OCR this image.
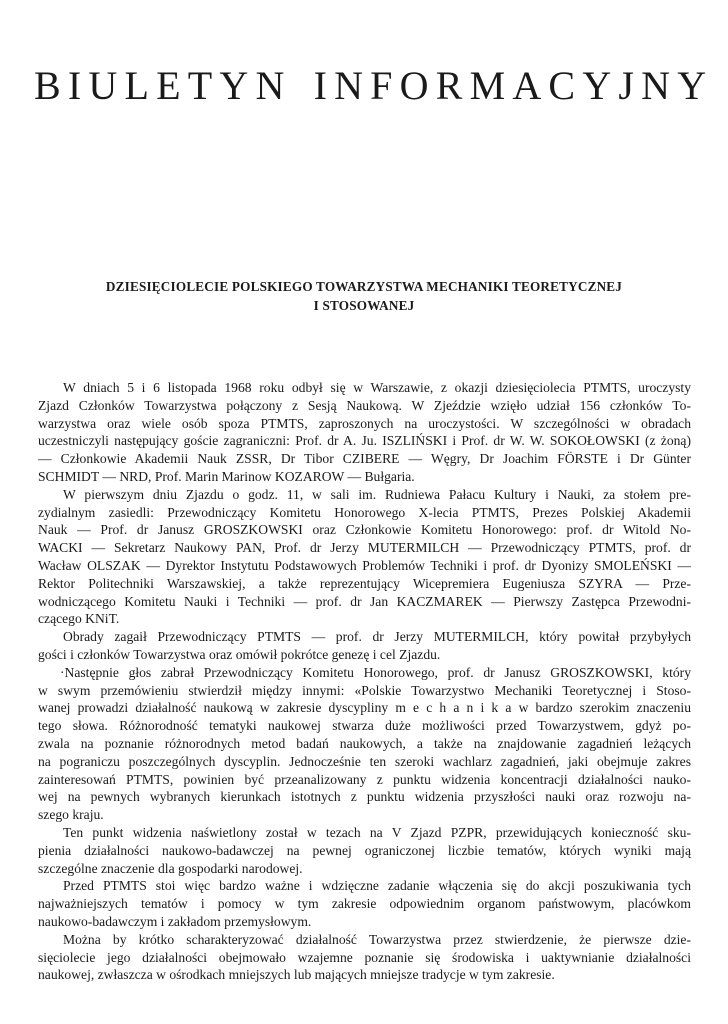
BIULETYN INFORMACYJNY
DZIESIĘCIOLECIE POLSKIEGO TOWARZYSTWA MECHANIKI TEORETYCZNEJ
I STOSOWANEJ

W dniach 5 i 6 listopada 1968 roku odbył się w Warszawie, z okazji dziesięciolecia PTMTS, uroczysty
Zjazd Członków Towarzystwa połączony z Sesją Naukową. W Zjeździe wzięło udział 156 członków To-
warzystwa oraz wiele osób spoza PTMTS, zaproszonych na uroczystości. W szczególności w obradach
uczestniczyli następujący goście zagraniczni: Prof. dr A. Ju. ISZLIŃSKI i Prof. dr W. W. SOKOŁOWSKI (z żoną)
— Członkowie Akademii Nauk ZSSR, Dr Tibor CZIBERE — Węgry, Dr Joachim FÖRSTE i Dr Günter
SCHMIDT — NRD, Prof. Marin Marinow KOZAROW — Bułgaria.

W pierwszym dniu Zjazdu o godz. 11, w sali im. Rudniewa Pałacu Kultury i Nauki, za stołem pre-
zydialnym zasiedli: Przewodniczący Komitetu Honorowego X-lecia PTMTS, Prezes Polskiej Akademii
Nauk — Prof. dr Janusz GROSZKOWSKI oraz Członkowie Komitetu Honorowego: prof. dr Witold No-
WACKI — Sekretarz Naukowy PAN, Prof. dr Jerzy MUTERMILCH — Przewodniczący PTMTS, prof. dr
Wacław OLSZAK — Dyrektor Instytutu Podstawowych Problemów Techniki i prof. dr Dyonizy SMOLEŃSKI —
Rektor Politechniki Warszawskiej, a także reprezentujący Wicepremiera Eugeniusza SZYRA — Prze-
wodniczącego Komitetu Nauki i Techniki — prof. dr Jan KACZMAREK — Pierwszy Zastępca Przewodni-
czącego KNiT.

Obrady zagaił Przewodniczący PTMTS — prof. dr Jerzy MUTERMILCH, który powitał przybyłych
gości i członków Towarzystwa oraz omówił pokrótce genezę i cel Zjazdu.

·Następnie głos zabrał Przewodniczący Komitetu Honorowego, prof. dr Janusz GROSZKOWSKI, który
w swym przemówieniu stwierdził między innymi: «Polskie Towarzystwo Mechaniki Teoretycznej i Stoso-
wanej prowadzi działalność naukową w zakresie dyscypliny m e c h a n i k a w bardzo szerokim znaczeniu
tego słowa. Różnorodność tematyki naukowej stwarza duże możliwości przed Towarzystwem, gdyż po-
zwala na poznanie różnorodnych metod badań naukowych, a także na znajdowanie zagadnień leżących
na pograniczu poszczególnych dyscyplin. Jednocześnie ten szeroki wachlarz zagadnień, jaki obejmuje zakres
zainteresowań PTMTS, powinien być przeanalizowany z punktu widzenia koncentracji działalności nauko-
wej na pewnych wybranych kierunkach istotnych z punktu widzenia przyszłości nauki oraz rozwoju na-
szego kraju.

Ten punkt widzenia naświetlony został w tezach na V Zjazd PZPR, przewidujących konieczność sku-
pienia działalności naukowo-badawczej na pewnej ograniczonej liczbie tematów, których wyniki mają
szczególne znaczenie dla gospodarki narodowej.

Przed PTMTS stoi więc bardzo ważne i wdzięczne zadanie włączenia się do akcji poszukiwania tych
najważniejszych tematów i pomocy w tym zakresie odpowiednim organom państwowym, placówkom
naukowo-badawczym i zakładom przemysłowym.

Można by krótko scharakteryzować działalność Towarzystwa przez stwierdzenie, że pierwsze dzie-
sięciolecie jego działalności obejmowało wzajemne poznanie się środowiska i uaktywnianie działalności
naukowej, zwłaszcza w ośrodkach mniejszych lub mających mniejsze tradycje w tym zakresie.
